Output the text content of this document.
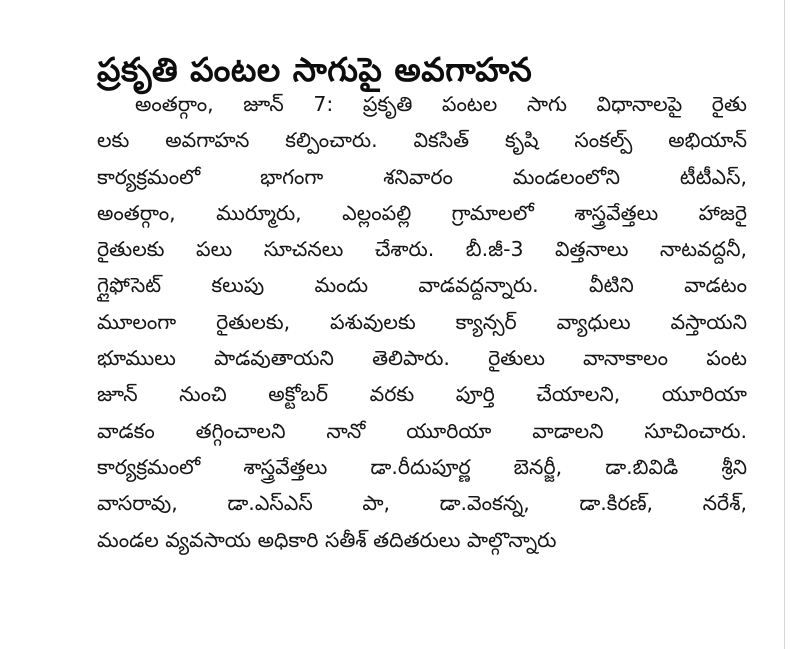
ప్రకృతి పంటల సాగుపై అవగాహన
అంతర్గాం, జూన్ 7: ప్రకృతి పంటల సాగు విధానాలపై రైతు
లకు అవగాహన కల్పించారు. వికసిత్ కృషి సంకల్ప్ అభియాన్
కార్యక్రమంలో భాగంగా శనివారం మండలంలోని టీటీఎస్,
అంతర్గాం, ముర్మూరు, ఎల్లంపల్లి గ్రామాలలో శాస్త్రవేత్తలు హాజరై
రైతులకు పలు సూచనలు చేశారు. బీ.జీ-3 విత్తనాలు నాటవద్దనీ,
గ్లైఫోసెట్ కలుపు మందు వాడవద్దన్నారు. వీటిని వాడటం
మూలంగా రైతులకు, పశువులకు క్యాన్సర్ వ్యాధులు వస్తాయని
భూములు పాడవుతాయని తెలిపారు. రైతులు వానాకాలం పంట
జూన్ నుంచి అక్టోబర్ వరకు పూర్తి చేయాలని, యూరియా
వాడకం తగ్గించాలని నానో యూరియా వాడాలని సూచించారు.
కార్యక్రమంలో శాస్త్రవేత్తలు డా.రీదుపూర్ణ బెనర్జీ, డా.బివిడి శ్రీని
వాసరావు, డా.ఎస్ఎస్ పా, డా.వెంకన్న, డా.కిరణ్, నరేశ్,
మండల వ్యవసాయ అధికారి సతీశ్ తదితరులు పాల్గొన్నారు
